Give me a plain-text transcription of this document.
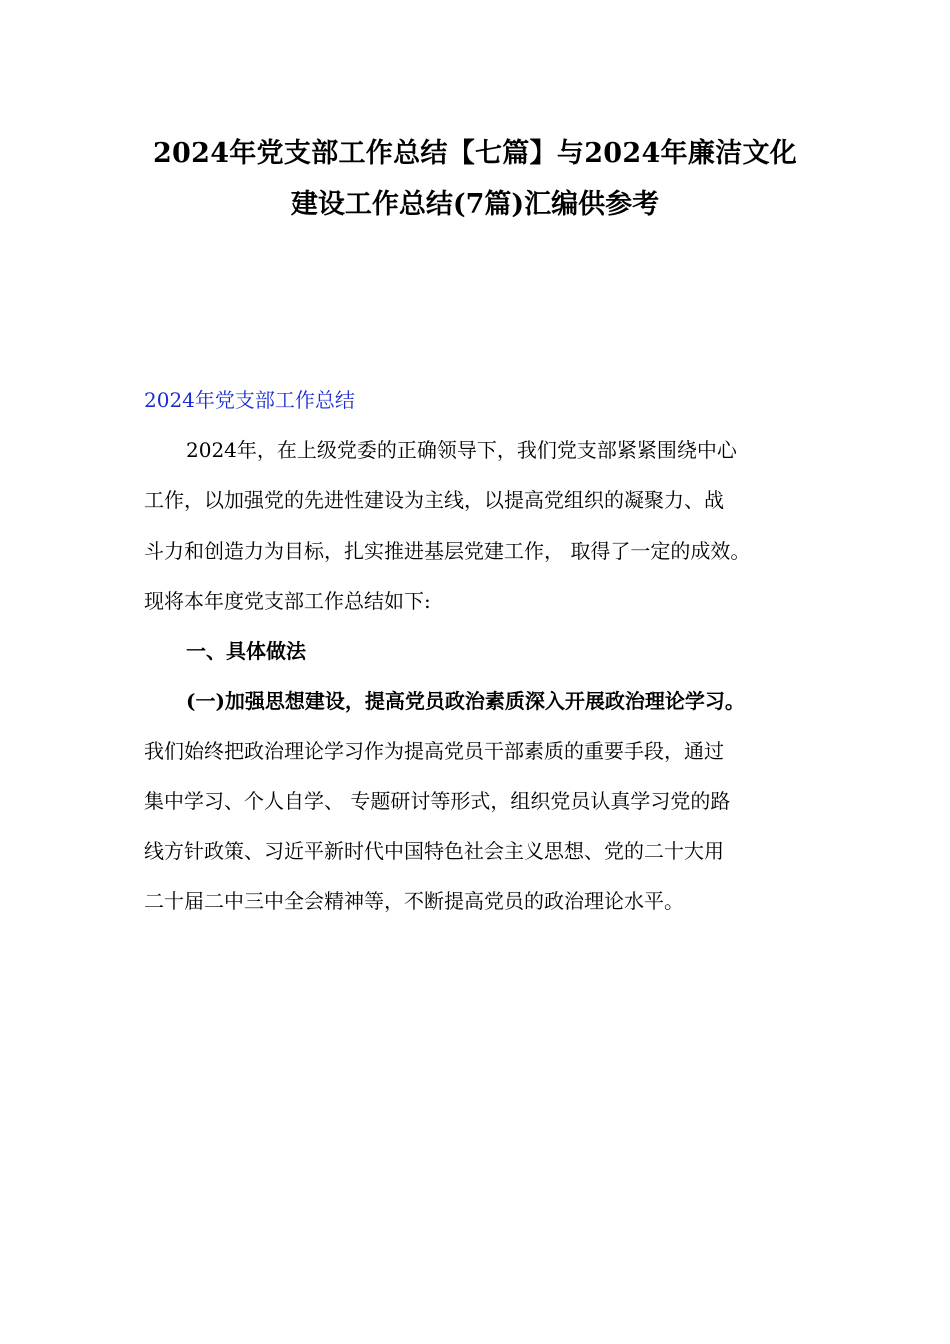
2024年党支部工作总结【七篇】与2024年廉洁文化
建设工作总结(7篇)汇编供参考
2024年党支部工作总结
2024年，在上级党委的正确领导下，我们党支部紧紧围绕中心
工作，以加强党的先进性建设为主线，以提高党组织的凝聚力、战
斗力和创造力为目标，扎实推进基层党建工作， 取得了一定的成效。
现将本年度党支部工作总结如下:
一、具体做法
(一)加强思想建设，提高党员政治素质深入开展政治理论学习。
我们始终把政治理论学习作为提高党员干部素质的重要手段，通过
集中学习、个人自学、 专题研讨等形式，组织党员认真学习党的路
线方针政策、习近平新时代中国特色社会主义思想、党的二十大用
二十届二中三中全会精神等，不断提高党员的政治理论水平。
